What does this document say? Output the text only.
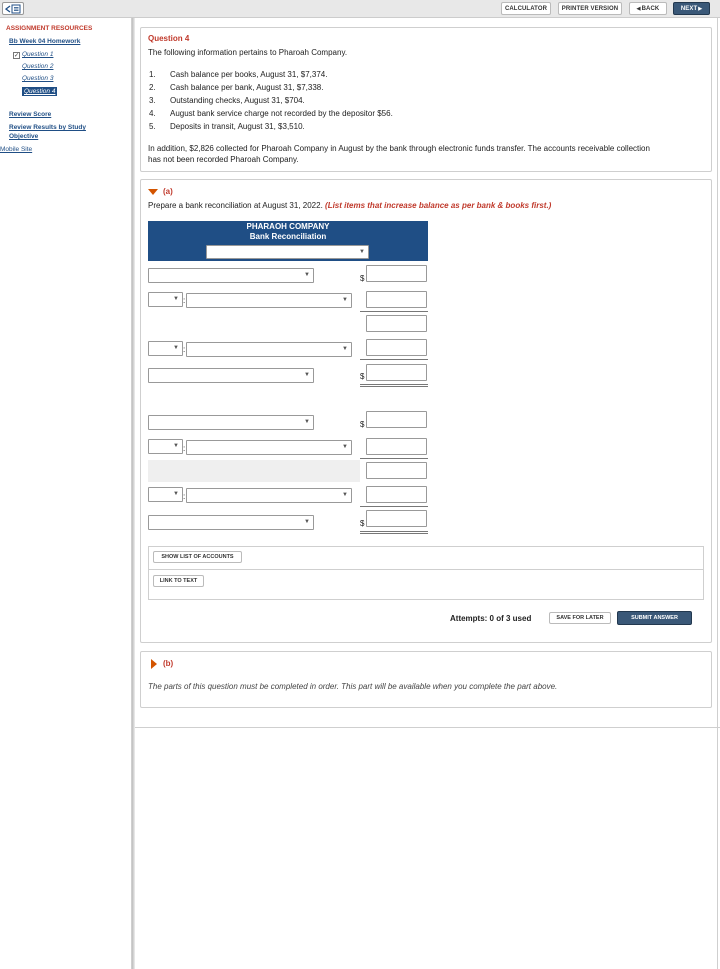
CALCULATOR	PRINTER VERSION	◀ BACK	NEXT ▶
ASSIGNMENT RESOURCES
Bb Week 04 Homework
✓ Question 1
Question 2
Question 3
Question 4
Review Score
Review Results by Study
Objective
Mobile Site
Question 4
The following information pertains to Pharoah Company.
1. Cash balance per books, August 31, $7,374.
2. Cash balance per bank, August 31, $7,338.
3. Outstanding checks, August 31, $704.
4. August bank service charge not recorded by the depositor $56.
5. Deposits in transit, August 31, $3,510.
In addition, $2,826 collected for Pharoah Company in August by the bank through electronic funds transfer. The accounts receivable collection
has not been recorded Pharoah Company.
(a)
Prepare a bank reconciliation at August 31, 2022. (List items that increase balance as per bank & books first.)
PHARAOH COMPANY
Bank Reconciliation
▼
▼	$
▼ :	▼
▼ :	▼
▼	$
▼	$
▼ :	▼
▼ :	▼
▼	$
SHOW LIST OF ACCOUNTS
LINK TO TEXT
Attempts: 0 of 3 used	SAVE FOR LATER	SUBMIT ANSWER
(b)
The parts of this question must be completed in order. This part will be available when you complete the part above.
